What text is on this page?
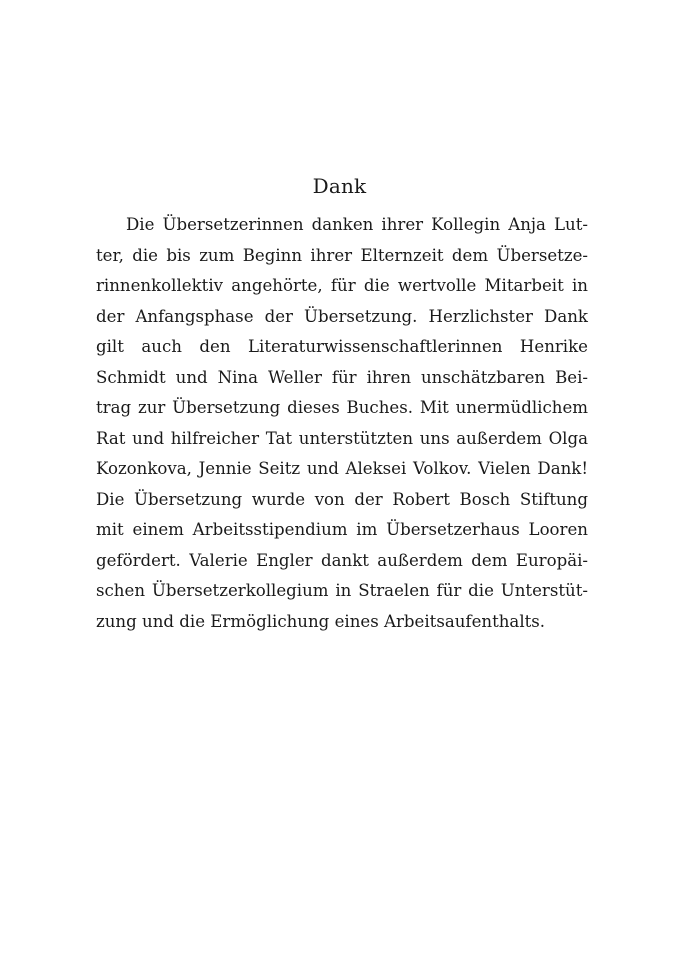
Dank
Die Übersetzerinnen danken ihrer Kollegin Anja Lut-
ter, die bis zum Beginn ihrer Elternzeit dem Übersetze-
rinnenkollektiv angehörte, für die wertvolle Mitarbeit in
der Anfangsphase der Übersetzung. Herzlichster Dank
gilt auch den Literaturwissenschaftlerinnen Henrike
Schmidt und Nina Weller für ihren unschätzbaren Bei-
trag zur Übersetzung dieses Buches. Mit unermüdlichem
Rat und hilfreicher Tat unterstützten uns außerdem Olga
Kozonkova, Jennie Seitz und Aleksei Volkov. Vielen Dank!
Die Übersetzung wurde von der Robert Bosch Stiftung
mit einem Arbeitsstipendium im Übersetzerhaus Looren
gefördert. Valerie Engler dankt außerdem dem Europäi-
schen Übersetzerkollegium in Straelen für die Unterstüt-
zung und die Ermöglichung eines Arbeitsaufenthalts.
